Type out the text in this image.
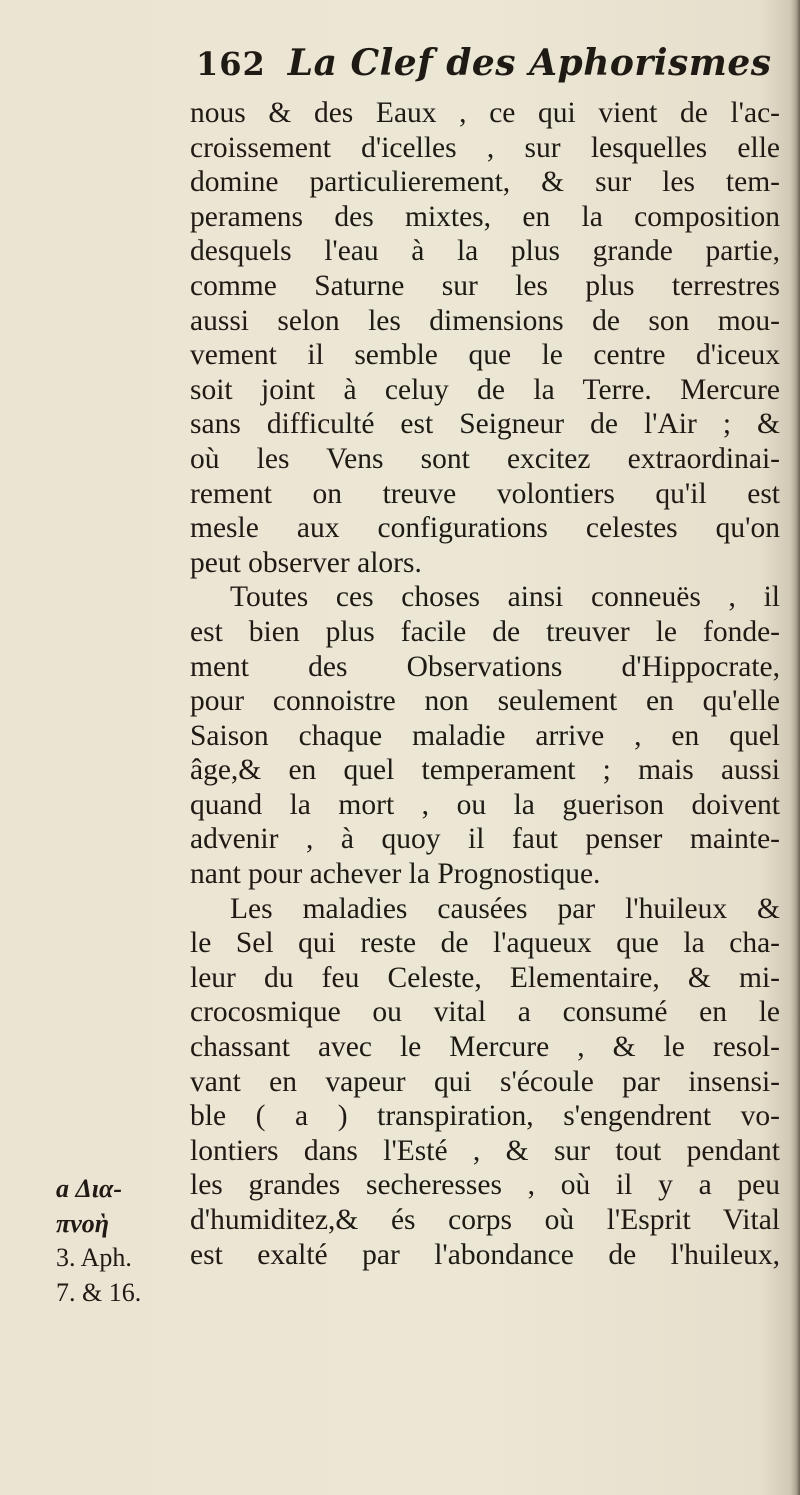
162 La Clef des Aphorismes
nous & des Eaux , ce qui vient de l'ac-
croissement d'icelles , sur lesquelles elle
domine particulierement, & sur les tem-
peramens des mixtes, en la composition
desquels l'eau à la plus grande partie,
comme Saturne sur les plus terrestres
aussi selon les dimensions de son mou-
vement il semble que le centre d'iceux
soit joint à celuy de la Terre. Mercure
sans difficulté est Seigneur de l'Air ; &
où les Vens sont excitez extraordinai-
rement on treuve volontiers qu'il est
mesle aux configurations celestes qu'on
peut observer alors.
Toutes ces choses ainsi conneuës , il
est bien plus facile de treuver le fonde-
ment des Observations d'Hippocrate,
pour connoistre non seulement en qu'elle
Saison chaque maladie arrive , en quel
âge,& en quel temperament ; mais aussi
quand la mort , ou la guerison doivent
advenir , à quoy il faut penser mainte-
nant pour achever la Prognostique.
Les maladies causées par l'huileux &
le Sel qui reste de l'aqueux que la cha-
leur du feu Celeste, Elementaire, & mi-
crocosmique ou vital a consumé en le
chassant avec le Mercure , & le resol-
vant en vapeur qui s'écoule par insensi-
ble ( a ) transpiration, s'engendrent vo-
lontiers dans l'Esté , & sur tout pendant
les grandes secheresses , où il y a peu
d'humiditez,& és corps où l'Esprit Vital
est exalté par l'abondance de l'huileux,
a Δια-
πνοὴ
3. Aph.
7. & 16.
